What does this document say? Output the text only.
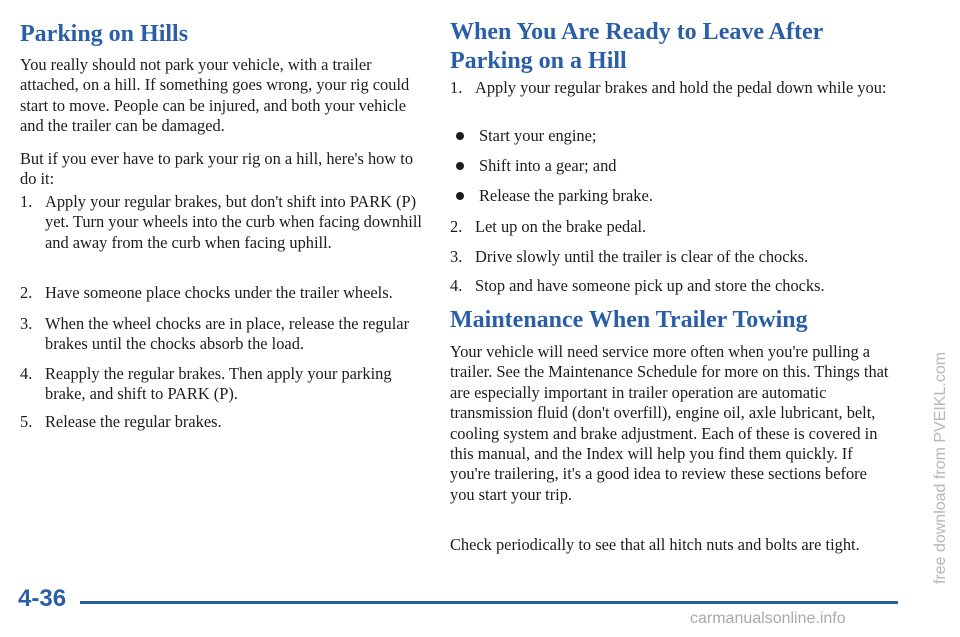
Parking on Hills

You really should not park your vehicle, with a trailer attached, on a hill. If something goes wrong, your rig could start to move. People can be injured, and both your vehicle and the trailer can be damaged.

But if you ever have to park your rig on a hill, here's how to do it:

1. Apply your regular brakes, but don't shift into PARK (P) yet. Turn your wheels into the curb when facing downhill and away from the curb when facing uphill.
2. Have someone place chocks under the trailer wheels.
3. When the wheel chocks are in place, release the regular brakes until the chocks absorb the load.
4. Reapply the regular brakes. Then apply your parking brake, and shift to PARK (P).
5. Release the regular brakes.
When You Are Ready to Leave After Parking on a Hill
1. Apply your regular brakes and hold the pedal down while you:
Start your engine;
Shift into a gear; and
Release the parking brake.
2. Let up on the brake pedal.
3. Drive slowly until the trailer is clear of the chocks.
4. Stop and have someone pick up and store the chocks.
Maintenance When Trailer Towing

Your vehicle will need service more often when you're pulling a trailer. See the Maintenance Schedule for more on this. Things that are especially important in trailer operation are automatic transmission fluid (don't overfill), engine oil, axle lubricant, belt, cooling system and brake adjustment. Each of these is covered in this manual, and the Index will help you find them quickly. If you're trailering, it's a good idea to review these sections before you start your trip.

Check periodically to see that all hitch nuts and bolts are tight.

4-36
free download from PVEIKL.com
carmanualsonline.info
